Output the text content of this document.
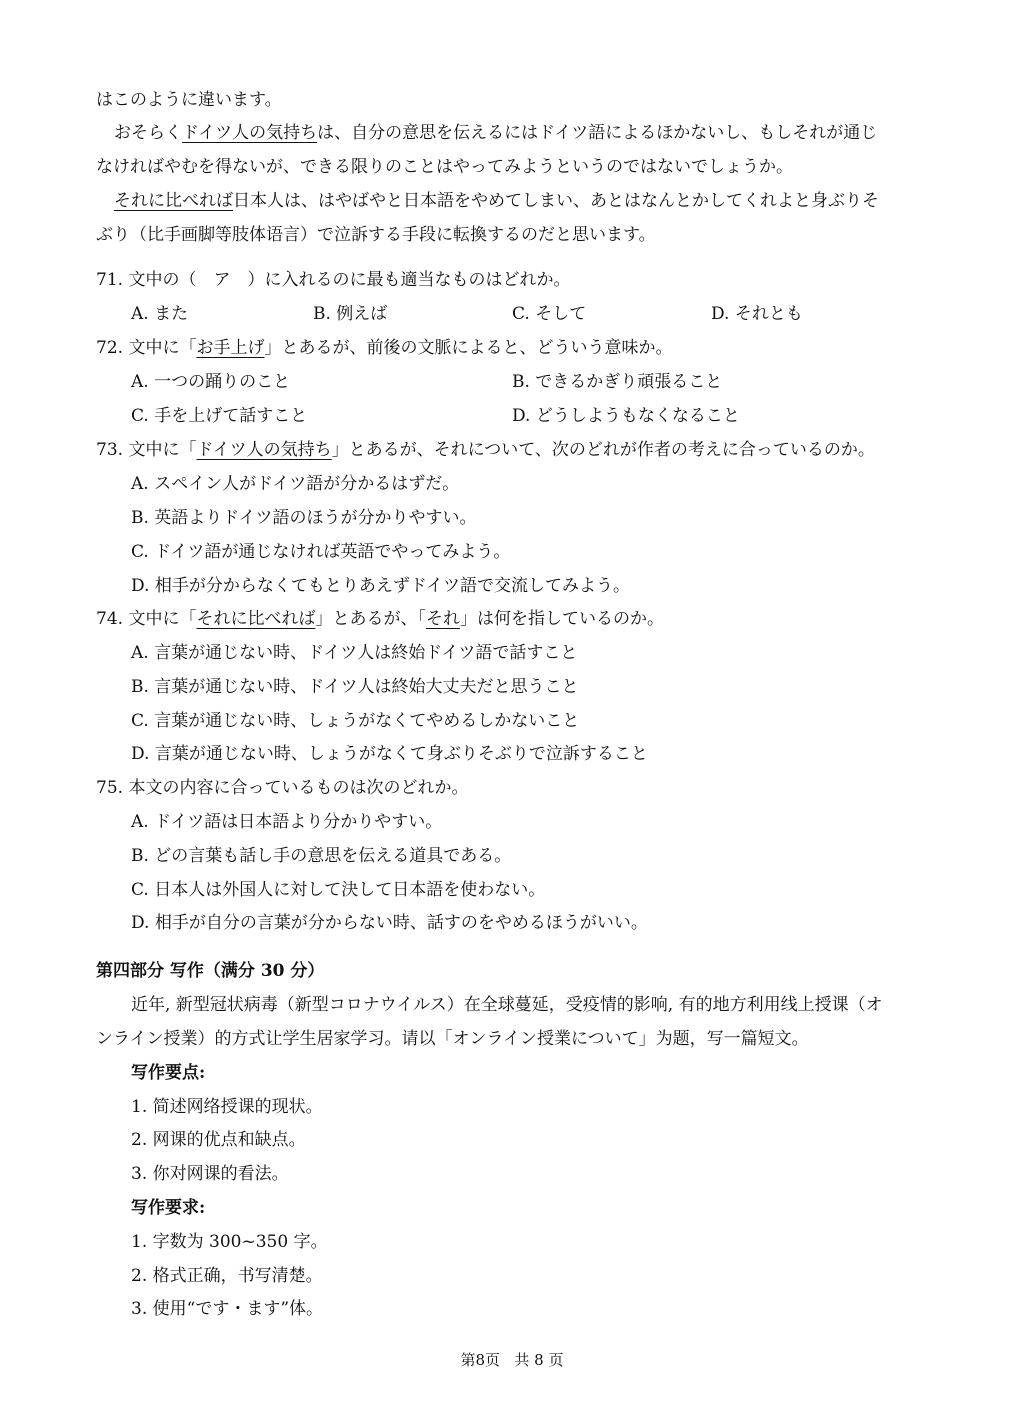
はこのように違います。
おそらくドイツ人の気持ちは、自分の意思を伝えるにはドイツ語によるほかないし、もしそれが通じ
なければやむを得ないが、できる限りのことはやってみようというのではないでしょうか。
それに比べれば日本人は、はやばやと日本語をやめてしまい、あとはなんとかしてくれよと身ぶりそ
ぶり（比手画脚等肢体语言）で泣訴する手段に転換するのだと思います。
71. 文中の（　ア　）に入れるのに最も適当なものはどれか。
A. また	B. 例えば	C. そして	D. それとも
72. 文中に「お手上げ」とあるが、前後の文脈によると、どういう意味か。
A. 一つの踊りのこと	B. できるかぎり頑張ること
C. 手を上げて話すこと	D. どうしようもなくなること
73. 文中に「ドイツ人の気持ち」とあるが、それについて、次のどれが作者の考えに合っているのか。
A. スペイン人がドイツ語が分かるはずだ。
B. 英語よりドイツ語のほうが分かりやすい。
C. ドイツ語が通じなければ英語でやってみよう。
D. 相手が分からなくてもとりあえずドイツ語で交流してみよう。
74. 文中に「それに比べれば」とあるが、「それ」は何を指しているのか。
A. 言葉が通じない時、ドイツ人は終始ドイツ語で話すこと
B. 言葉が通じない時、ドイツ人は終始大丈夫だと思うこと
C. 言葉が通じない時、しょうがなくてやめるしかないこと
D. 言葉が通じない時、しょうがなくて身ぶりそぶりで泣訴すること
75. 本文の内容に合っているものは次のどれか。
A. ドイツ語は日本語より分かりやすい。
B. どの言葉も話し手の意思を伝える道具である。
C. 日本人は外国人に対して決して日本語を使わない。
D. 相手が自分の言葉が分からない時、話すのをやめるほうがいい。
第四部分 写作（满分 30 分）
近年, 新型冠状病毒（新型コロナウイルス）在全球蔓延，受疫情的影响, 有的地方利用线上授课（オ
ンライン授業）的方式让学生居家学习。请以「オンライン授業について」为题，写一篇短文。
写作要点:
1. 简述网络授课的现状。
2. 网课的优点和缺点。
3. 你对网课的看法。
写作要求:
1. 字数为 300~350 字。
2. 格式正确，书写清楚。
3. 使用“です・ます”体。
第8页 共 8 页
